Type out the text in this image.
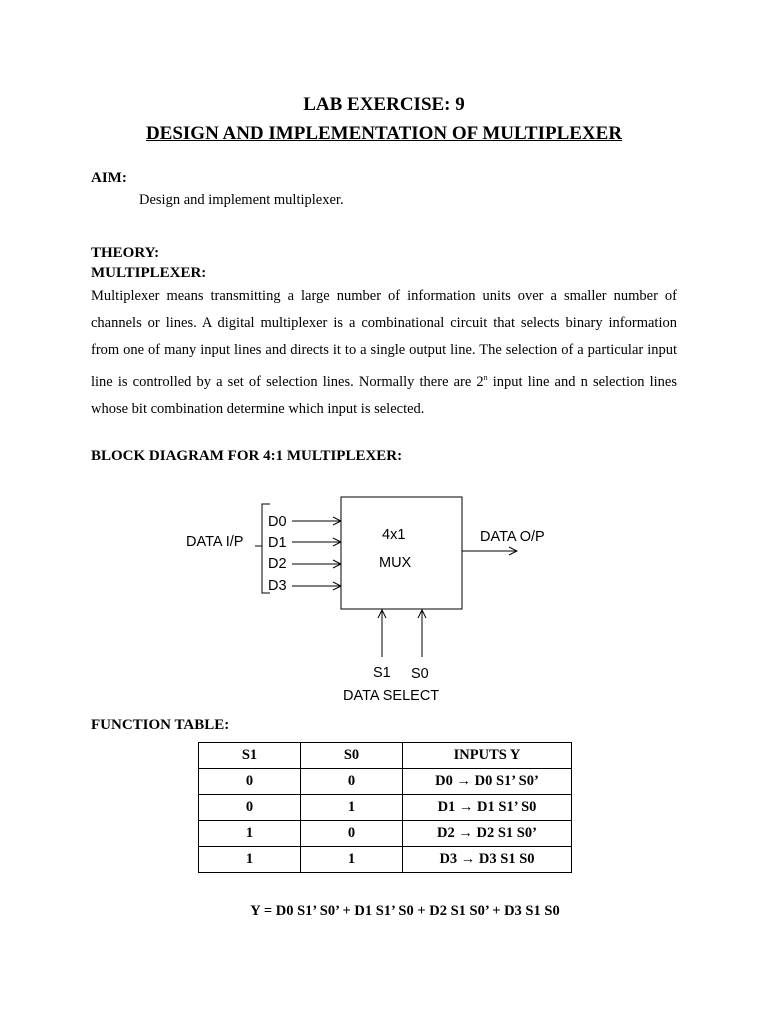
LAB EXERCISE: 9
DESIGN AND IMPLEMENTATION OF MULTIPLEXER
AIM:
Design and implement multiplexer.
THEORY:
MULTIPLEXER:

Multiplexer means transmitting a large number of information units over a smaller number of channels or lines. A digital multiplexer is a combinational circuit that selects binary information from one of many input lines and directs it to a single output line. The selection of a particular input line is controlled by a set of selection lines. Normally there are 2$^n$ input line and n selection lines whose bit combination determine which input is selected.

BLOCK DIAGRAM FOR 4:1 MULTIPLEXER:
DATA I/P
D0
D1
D2
D3
4x1
MUX
DATA O/P
S1 S0
DATA SELECT
FUNCTION TABLE:
S1	S0	INPUTS Y
0	0	D0 → D0 S1’ S0’
0	1	D1 → D1 S1’ S0
1	0	D2 → D2 S1 S0’
1	1	D3 → D3 S1 S0
Y = D0 S1’ S0’ + D1 S1’ S0 + D2 S1 S0’ + D3 S1 S0
